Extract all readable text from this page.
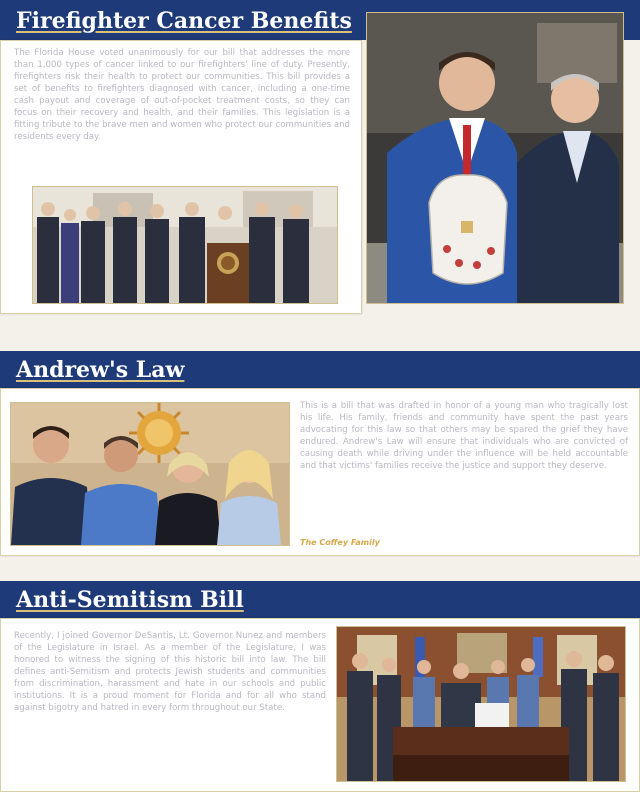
Firefighter Cancer Benefits
The Florida House voted unanimously for our bill that addresses the more than 1,000 types of cancer linked to our firefighters' line of duty. Presently, firefighters risk their health to protect our communities. This bill provides a set of benefits to firefighters diagnosed with cancer, including a one-time cash payout and coverage of out-of-pocket treatment costs, so they can focus on their recovery and health, and their families. This legislation is a fitting tribute to the brave men and women who protect our communities and residents every day.
Andrew's Law
This is a bill that was drafted in honor of a young man who tragically lost his life. His family, friends and community have spent the past years advocating for this law so that others may be spared the grief they have endured. Andrew's Law will ensure that individuals who are convicted of causing death while driving under the influence will be held accountable and that victims' families receive the justice and support they deserve.
The Coffey Family
Anti-Semitism Bill
Recently, I joined Governor DeSantis, Lt. Governor Nunez and members of the Legislature in Israel. As a member of the Legislature, I was honored to witness the signing of this historic bill into law. The bill defines anti-Semitism and protects Jewish students and communities from discrimination, harassment and hate in our schools and public institutions. It is a proud moment for Florida and for all who stand against bigotry and hatred in every form throughout our State.
